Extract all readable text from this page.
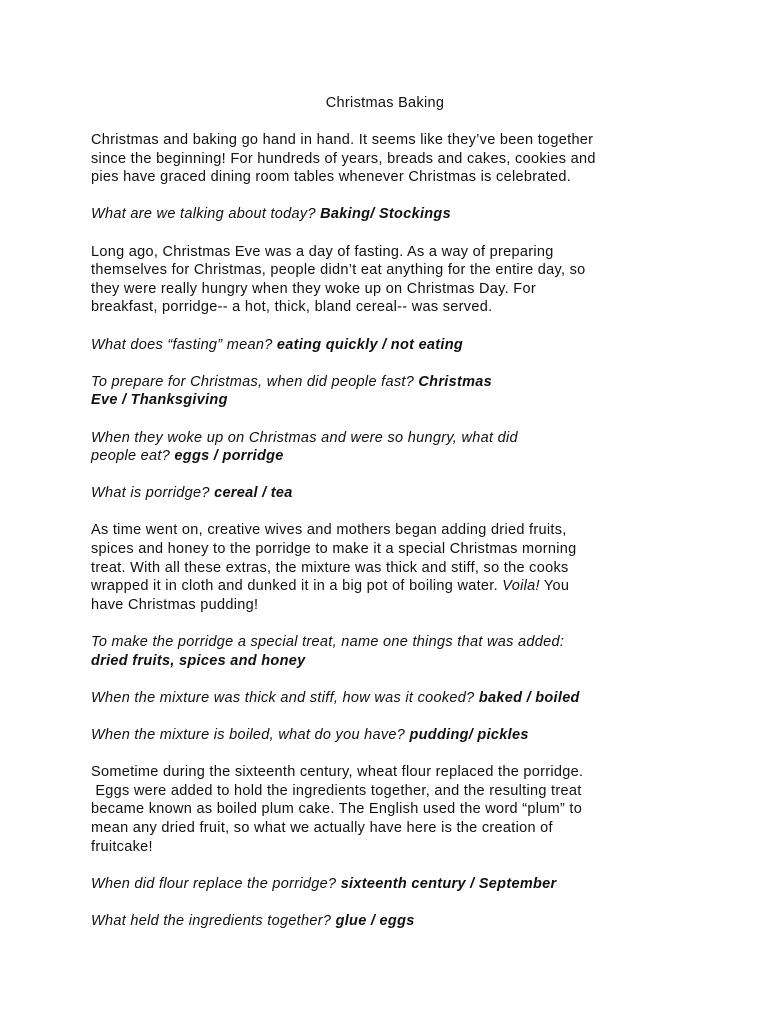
Christmas Baking

Christmas and baking go hand in hand. It seems like they’ve been together
since the beginning! For hundreds of years, breads and cakes, cookies and
pies have graced dining room tables whenever Christmas is celebrated.

What are we talking about today? Baking/ Stockings

Long ago, Christmas Eve was a day of fasting. As a way of preparing
themselves for Christmas, people didn’t eat anything for the entire day, so
they were really hungry when they woke up on Christmas Day. For
breakfast, porridge-- a hot, thick, bland cereal-- was served.

What does “fasting” mean? eating quickly / not eating

To prepare for Christmas, when did people fast? Christmas
Eve / Thanksgiving

When they woke up on Christmas and were so hungry, what did
people eat? eggs / porridge

What is porridge? cereal / tea

As time went on, creative wives and mothers began adding dried fruits,
spices and honey to the porridge to make it a special Christmas morning
treat. With all these extras, the mixture was thick and stiff, so the cooks
wrapped it in cloth and dunked it in a big pot of boiling water. Voila! You
have Christmas pudding!

To make the porridge a special treat, name one things that was added:
dried fruits, spices and honey

When the mixture was thick and stiff, how was it cooked? baked / boiled

When the mixture is boiled, what do you have? pudding/ pickles

Sometime during the sixteenth century, wheat flour replaced the porridge.
Eggs were added to hold the ingredients together, and the resulting treat
became known as boiled plum cake. The English used the word “plum” to
mean any dried fruit, so what we actually have here is the creation of
fruitcake!

When did flour replace the porridge? sixteenth century / September

What held the ingredients together? glue / eggs
